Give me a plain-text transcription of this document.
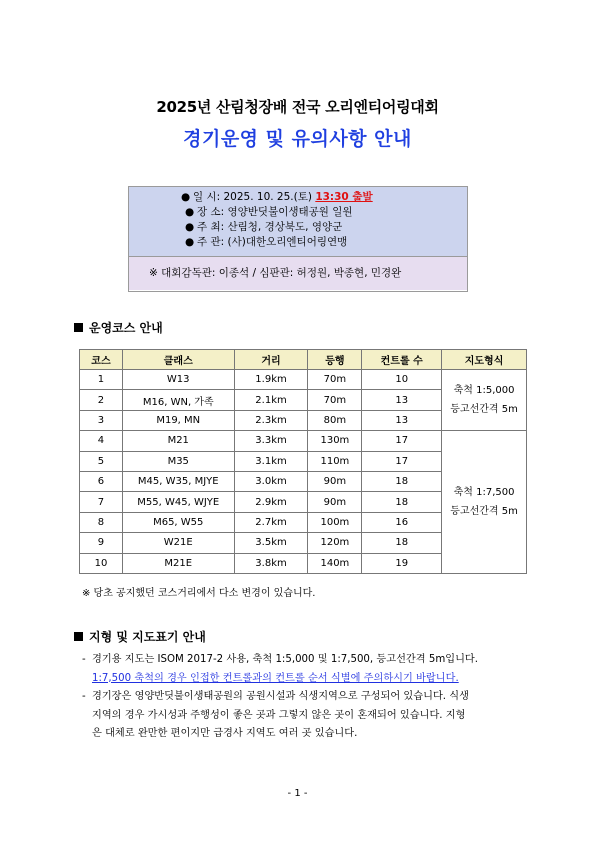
2025년 산림청장배 전국 오리엔티어링대회
경기운영 및 유의사항 안내
● 일 시: 2025. 10. 25.(토) 13:30 출발
● 장 소: 영양반딧불이생태공원 일원
● 주 최: 산림청, 경상북도, 영양군
● 주 관: (사)대한오리엔티어링연맹
※ 대회감독관: 이종석 / 심판관: 허정원, 박종현, 민경완
운영코스 안내
코스	클래스	거리	등행	컨트롤 수	지도형식
1	W13	1.9km	70m	10	축척 1:5,000
등고선간격 5m

2	M16, WN, 가족	2.1km	70m	13	
3	M19, MN	2.3km	80m	13	
4	M21	3.3km	130m	17	축척 1:7,500
등고선간격 5m

5	M35	3.1km	110m	17	
6	M45, W35, MJYE	3.0km	90m	18	
7	M55, W45, WJYE	2.9km	90m	18	
8	M65, W55	2.7km	100m	16	
9	W21E	3.5km	120m	18	
10	M21E	3.8km	140m	19	
※ 당초 공지했던 코스거리에서 다소 변경이 있습니다.
지형 및 지도표기 안내
- 경기용 지도는 ISOM 2017-2 사용, 축척 1:5,000 및 1:7,500, 등고선간격 5m입니다.
1:7,500 축척의 경우 인접한 컨트롤과의 컨트롤 순서 식별에 주의하시기 바랍니다.
- 경기장은 영양반딧불이생태공원의 공원시설과 식생지역으로 구성되어 있습니다. 식생
지역의 경우 가시성과 주행성이 좋은 곳과 그렇지 않은 곳이 혼재되어 있습니다. 지형
은 대체로 완만한 편이지만 급경사 지역도 여러 곳 있습니다.
- 1 -
